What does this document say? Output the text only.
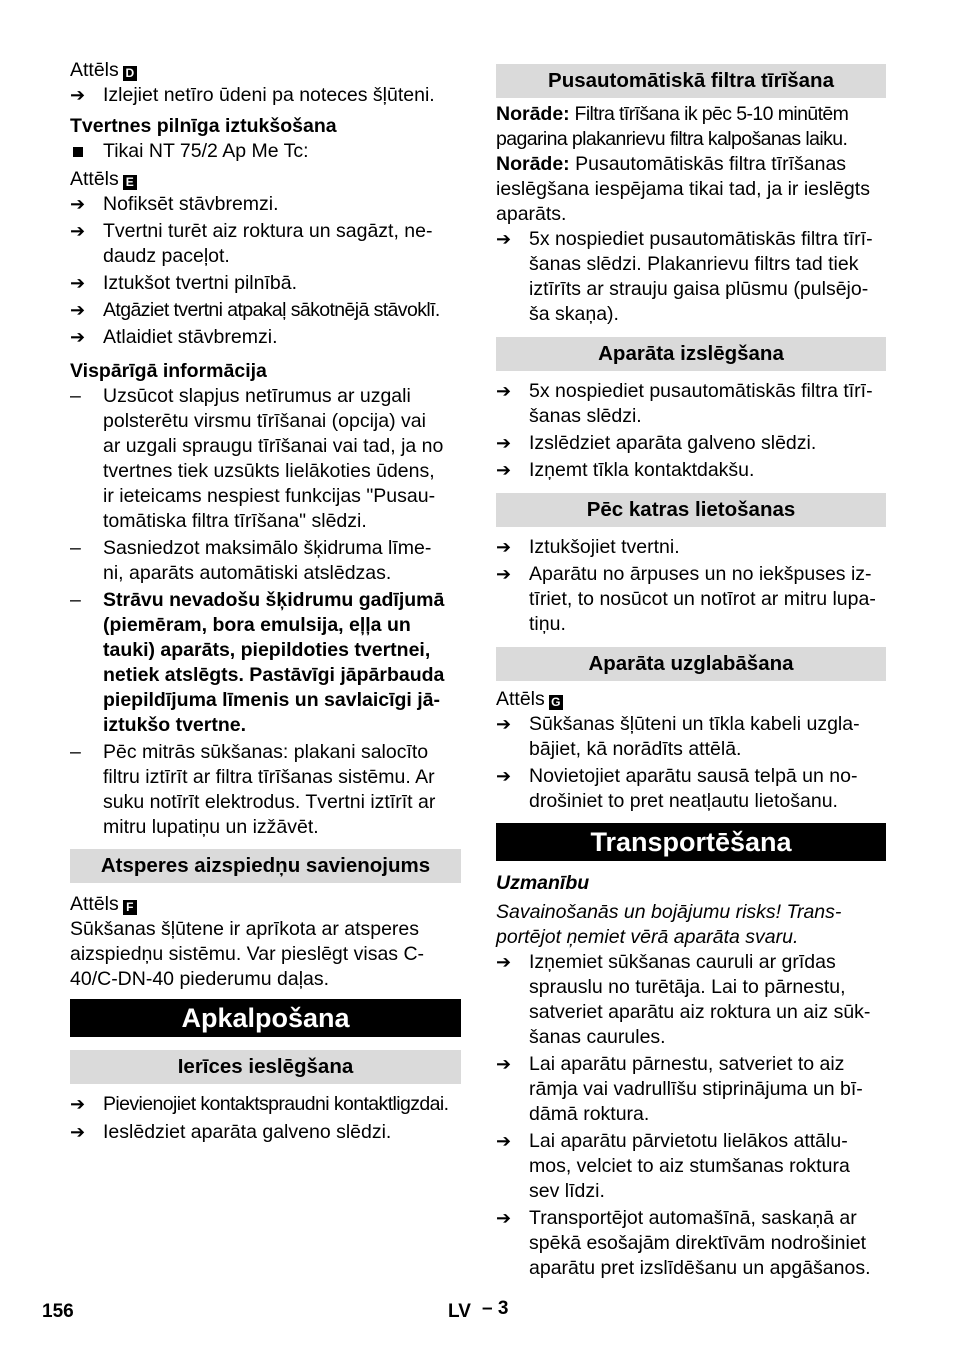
Attēls D

➔ Izlejiet netīro ūdeni pa noteces šļūteni.

Tvertnes pilnīga iztukšošana

Tikai NT 75/2 Ap Me Tc:

Attēls E

➔ Nofiksēt stāvbremzi.

➔ Tvertni turēt aiz roktura un sagāzt, ne-
daudz paceļot.

➔ Iztukšot tvertni pilnībā.

➔ Atgāziet tvertni atpakaļ sākotnējā stāvoklī.

➔ Atlaidiet stāvbremzi.

Vispārīgā informācija

–	Uzsūcot slapjus netīrumus ar uzgali
polsterētu virsmu tīrīšanai (opcija) vai
ar uzgali spraugu tīrīšanai vai tad, ja no
tvertnes tiek uzsūkts lielākoties ūdens,
ir ieteicams nespiest funkcijas "Pusau-
tomātiska filtra tīrīšana" slēdzi.

–	Sasniedzot maksimālo šķidruma līme-
ni, aparāts automātiski atslēdzas.

–	Strāvu nevadošu šķidrumu gadījumā
(piemēram, bora emulsija, eļļa un
tauki) aparāts, piepildoties tvertnei,
netiek atslēgts. Pastāvīgi jāpārbauda
piepildījuma līmenis un savlaicīgi jā-
iztukšo tvertne.

–	Pēc mitrās sūkšanas: plakani salocīto
filtru iztīrīt ar filtra tīrīšanas sistēmu. Ar
suku notīrīt elektrodus. Tvertni iztīrīt ar
mitru lupatiņu un izžāvēt.

Atsperes aizspiedņu savienojums

Attēls F

Sūkšanas šļūtene ir aprīkota ar atsperes
aizspiedņu sistēmu. Var pieslēgt visas C-
40/C-DN-40 piederumu daļas.

Apkalpošana
Ierīces ieslēgšana

➔ Pievienojiet kontaktspraudni kontaktligzdai.

➔ Ieslēdziet aparāta galveno slēdzi.

Pusautomātiskā filtra tīrīšana

Norāde: Filtra tīrīšana ik pēc 5-10 minūtēm
pagarina plakanrievu filtra kalpošanas laiku.

Norāde: Pusautomātiskās filtra tīrīšanas
ieslēgšana iespējama tikai tad, ja ir ieslēgts
aparāts.

➔ 5x nospiediet pusautomātiskās filtra tīrī-
šanas slēdzi. Plakanrievu filtrs tad tiek
iztīrīts ar strauju gaisa plūsmu (pulsējo-
ša skaņa).

Aparāta izslēgšana

➔ 5x nospiediet pusautomātiskās filtra tīrī-
šanas slēdzi.

➔ Izslēdziet aparāta galveno slēdzi.

➔ Izņemt tīkla kontaktdakšu.

Pēc katras lietošanas

➔ Iztukšojiet tvertni.

➔ Aparātu no ārpuses un no iekšpuses iz-
tīriet, to nosūcot un notīrot ar mitru lupa-
tiņu.

Aparāta uzglabāšana

Attēls G

➔ Sūkšanas šļūteni un tīkla kabeli uzgla-
bājiet, kā norādīts attēlā.

➔ Novietojiet aparātu sausā telpā un no-
drošiniet to pret neatļautu lietošanu.

Transportēšana

Uzmanību

Savainošanās un bojājumu risks! Trans-
portējot ņemiet vērā aparāta svaru.

➔ Izņemiet sūkšanas cauruli ar grīdas
sprauslu no turētāja. Lai to pārnestu,
satveriet aparātu aiz roktura un aiz sūk-
šanas caurules.

➔ Lai aparātu pārnestu, satveriet to aiz
rāmja vai vadrullīšu stiprinājuma un bī-
dāmā roktura.

➔ Lai aparātu pārvietotu lielākos attālu-
mos, velciet to aiz stumšanas roktura
sev līdzi.

➔ Transportējot automašīnā, saskaņā ar
spēkā esošajām direktīvām nodrošiniet
aparātu pret izslīdēšanu un apgāšanos.

156	LV – 3
